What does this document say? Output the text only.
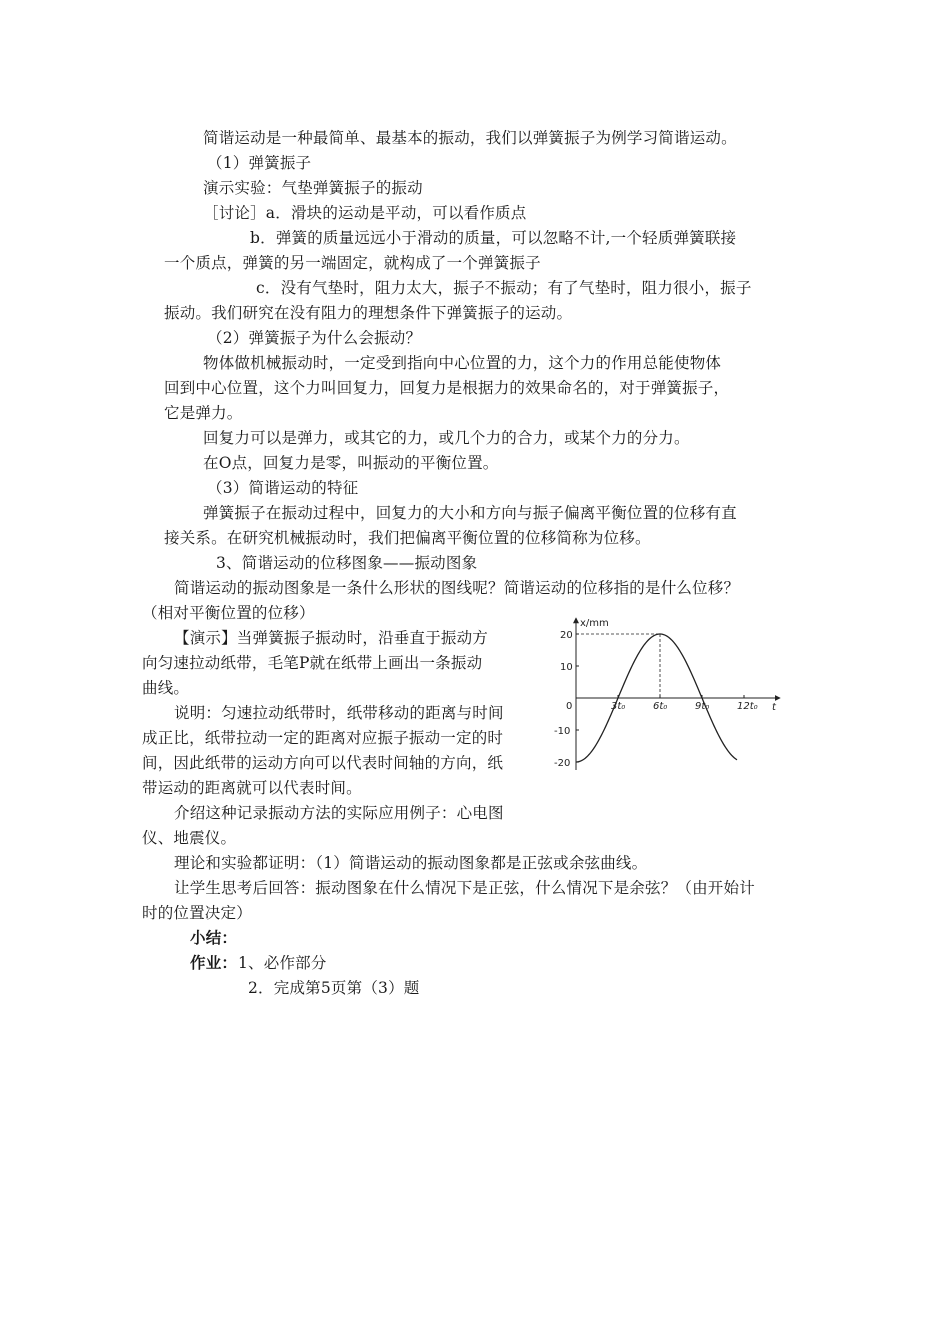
简谐运动是一种最简单、最基本的振动，我们以弹簧振子为例学习简谐运动。
（1）弹簧振子
演示实验：气垫弹簧振子的振动
［讨论］a．滑块的运动是平动，可以看作质点
b．弹簧的质量远远小于滑动的质量，可以忽略不计,一个轻质弹簧联接
一个质点，弹簧的另一端固定，就构成了一个弹簧振子
c．没有气垫时，阻力太大，振子不振动；有了气垫时，阻力很小，振子
振动。我们研究在没有阻力的理想条件下弹簧振子的运动。
（2）弹簧振子为什么会振动？
物体做机械振动时，一定受到指向中心位置的力，这个力的作用总能使物体
回到中心位置，这个力叫回复力，回复力是根据力的效果命名的，对于弹簧振子，
它是弹力。
回复力可以是弹力，或其它的力，或几个力的合力，或某个力的分力。
在O点，回复力是零，叫振动的平衡位置。
（3）简谐运动的特征
弹簧振子在振动过程中，回复力的大小和方向与振子偏离平衡位置的位移有直
接关系。在研究机械振动时，我们把偏离平衡位置的位移简称为位移。
3、简谐运动的位移图象——振动图象
简谐运动的振动图象是一条什么形状的图线呢？简谐运动的位移指的是什么位移？
（相对平衡位置的位移）
【演示】当弹簧振子振动时，沿垂直于振动方
向匀速拉动纸带，毛笔P就在纸带上画出一条振动
曲线。
说明：匀速拉动纸带时，纸带移动的距离与时间
成正比，纸带拉动一定的距离对应振子振动一定的时
间，因此纸带的运动方向可以代表时间轴的方向，纸
带运动的距离就可以代表时间。
介绍这种记录振动方法的实际应用例子：心电图
仪、地震仪。
理论和实验都证明：（1）简谐运动的振动图象都是正弦或余弦曲线。
让学生思考后回答：振动图象在什么情况下是正弦，什么情况下是余弦？（由开始计
时的位置决定）
小结：
作业： 1、必作部分
2．完成第5页第（3）题
x/mm
t
0	3t₀	6t₀	9t₀	12t₀
20
10
-10
-20
